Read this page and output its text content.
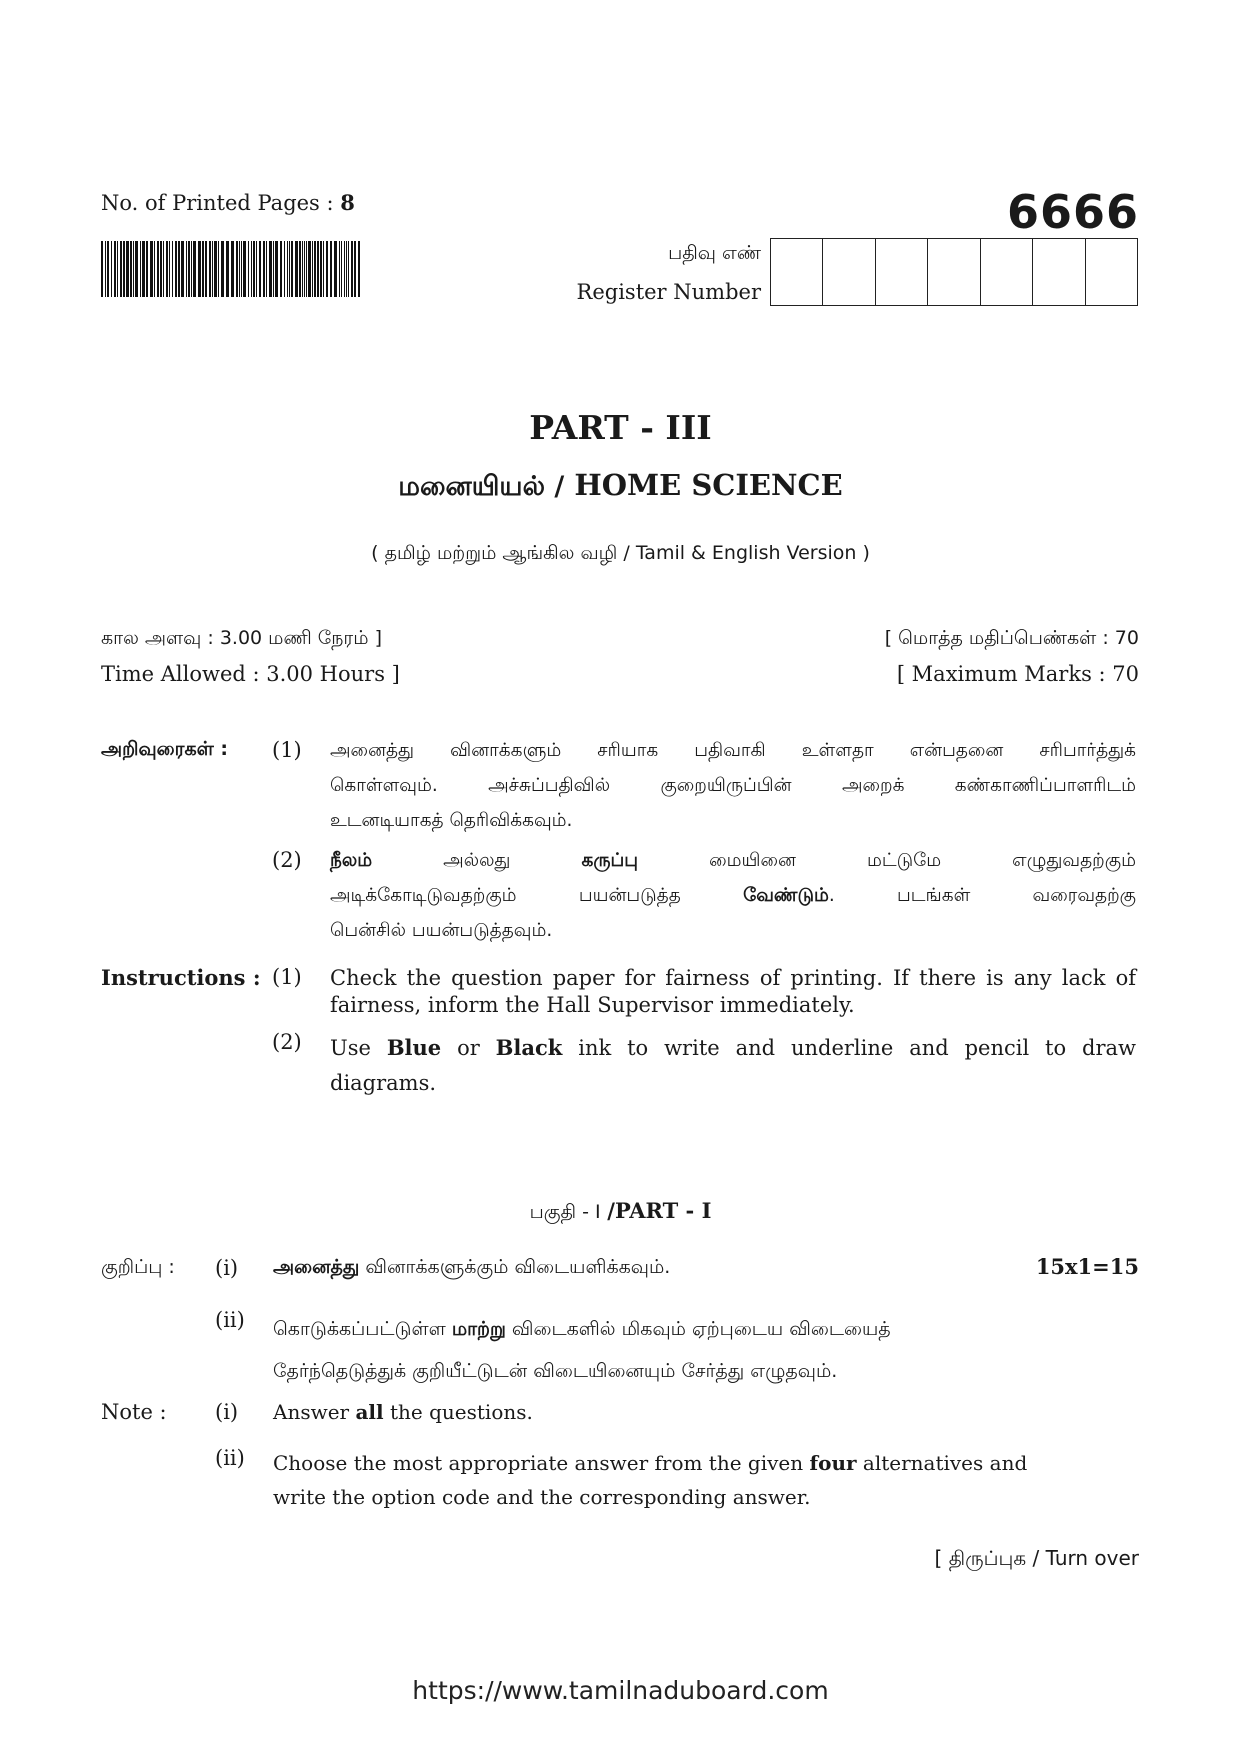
No. of Printed Pages : 8	6666
பதிவு எண்
Register Number
PART - III
மனையியல் / HOME SCIENCE
( தமிழ் மற்றும் ஆங்கில வழி / Tamil & English Version )
கால அளவு : 3.00 மணி நேரம் ]
Time Allowed : 3.00 Hours ]
[ மொத்த மதிப்பெண்கள் : 70
[ Maximum Marks : 70
அறிவுரைகள் : (1) அனைத்து வினாக்களும் சரியாக பதிவாகி உள்ளதா என்பதனை சரிபார்த்துக்
கொள்ளவும். அச்சுப்பதிவில் குறையிருப்பின் அறைக் கண்காணிப்பாளரிடம்
உடனடியாகத் தெரிவிக்கவும்.
(2) நீலம்	அல்லது	கருப்பு	மையினை மட்டுமே எழுதுவதற்கும்
அடிக்கோடிடுவதற்கும் பயன்படுத்த	வேண்டும். படங்கள் வரைவதற்கு
பென்சில் பயன்படுத்தவும்.
Instructions : (1) Check the question paper for fairness of printing. If there is any lack of
fairness, inform the Hall Supervisor immediately.
(2) Use Blue or Black ink to write and underline and pencil to draw
diagrams.
பகுதி - I /PART - I
குறிப்பு : (i) அனைத்து வினாக்களுக்கும் விடையளிக்கவும்.	15x1=15
(ii) கொடுக்கப்பட்டுள்ள மாற்று விடைகளில் மிகவும் ஏற்புடைய விடையைத்
தேர்ந்தெடுத்துக் குறியீட்டுடன் விடையினையும் சேர்த்து எழுதவும்.
Note : (i) Answer all the questions.
(ii) Choose the most appropriate answer from the given four alternatives and
write the option code and the corresponding answer.
[ திருப்புக / Turn over
https://www.tamilnaduboard.com
